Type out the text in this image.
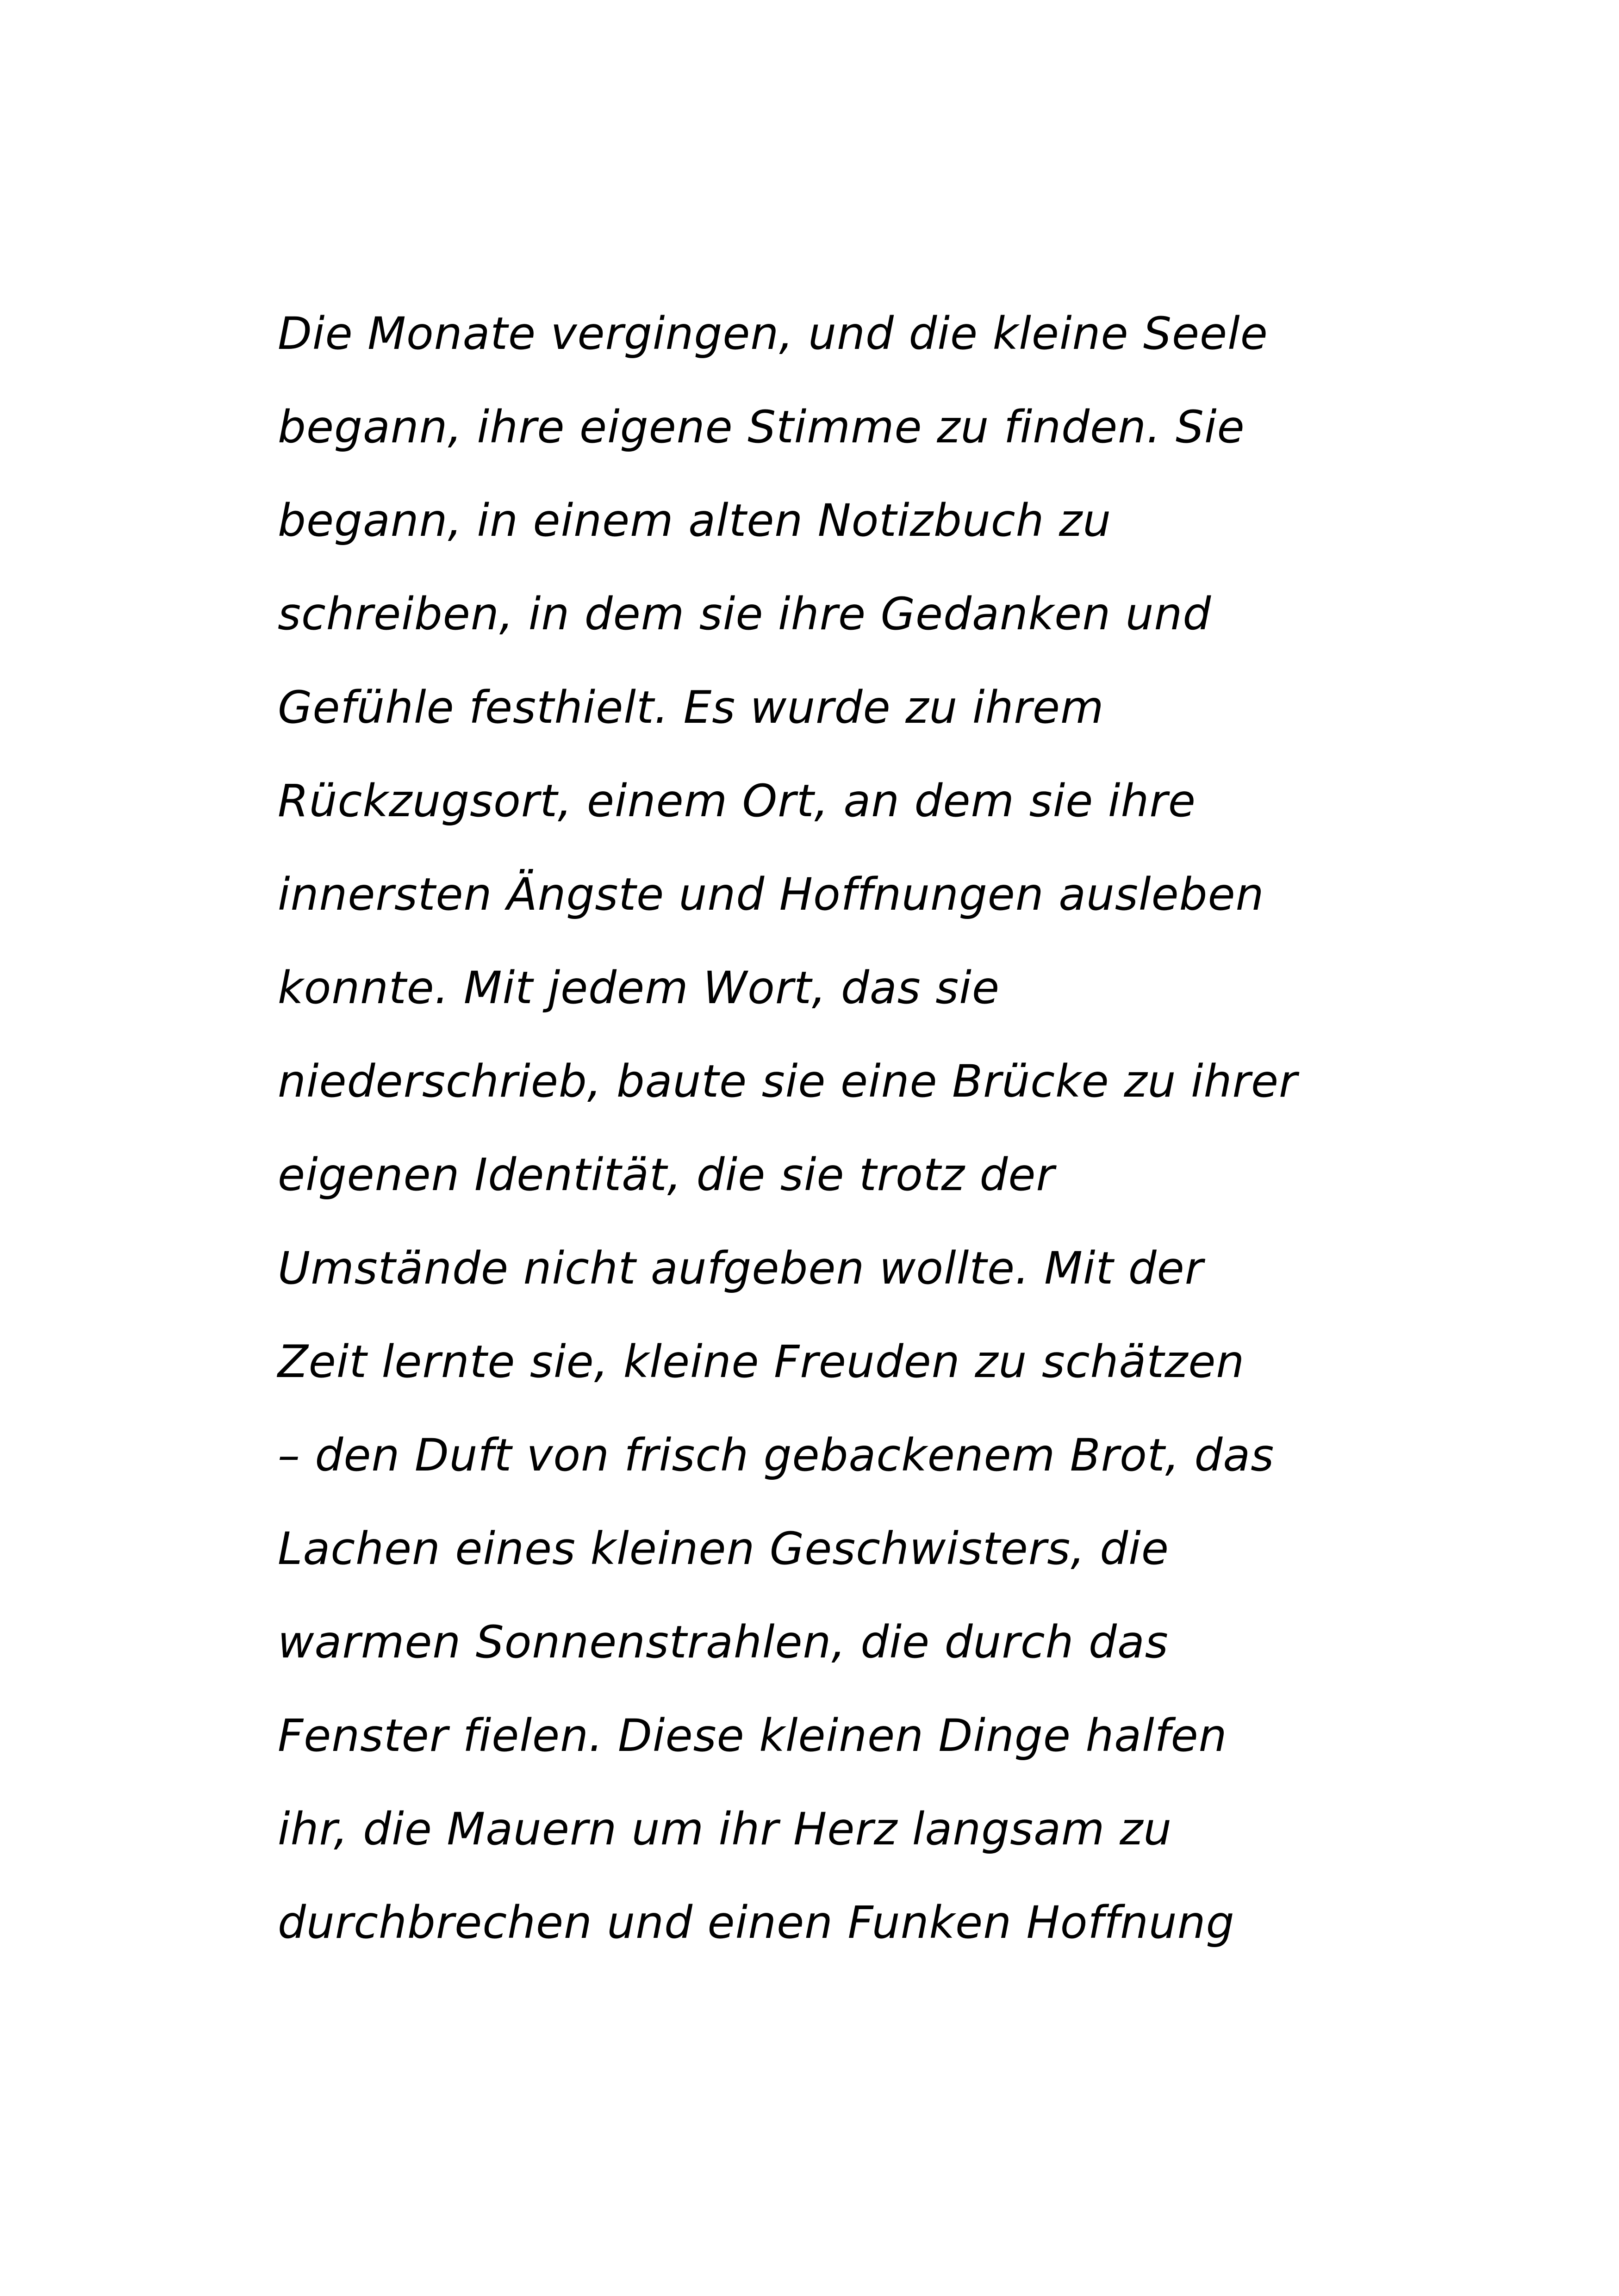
Die Monate vergingen, und die kleine Seele
begann, ihre eigene Stimme zu finden. Sie
begann, in einem alten Notizbuch zu
schreiben, in dem sie ihre Gedanken und
Gefühle festhielt. Es wurde zu ihrem
Rückzugsort, einem Ort, an dem sie ihre
innersten Ängste und Hoffnungen ausleben
konnte. Mit jedem Wort, das sie
niederschrieb, baute sie eine Brücke zu ihrer
eigenen Identität, die sie trotz der
Umstände nicht aufgeben wollte. Mit der
Zeit lernte sie, kleine Freuden zu schätzen
– den Duft von frisch gebackenem Brot, das
Lachen eines kleinen Geschwisters, die
warmen Sonnenstrahlen, die durch das
Fenster fielen. Diese kleinen Dinge halfen
ihr, die Mauern um ihr Herz langsam zu
durchbrechen und einen Funken Hoffnung
